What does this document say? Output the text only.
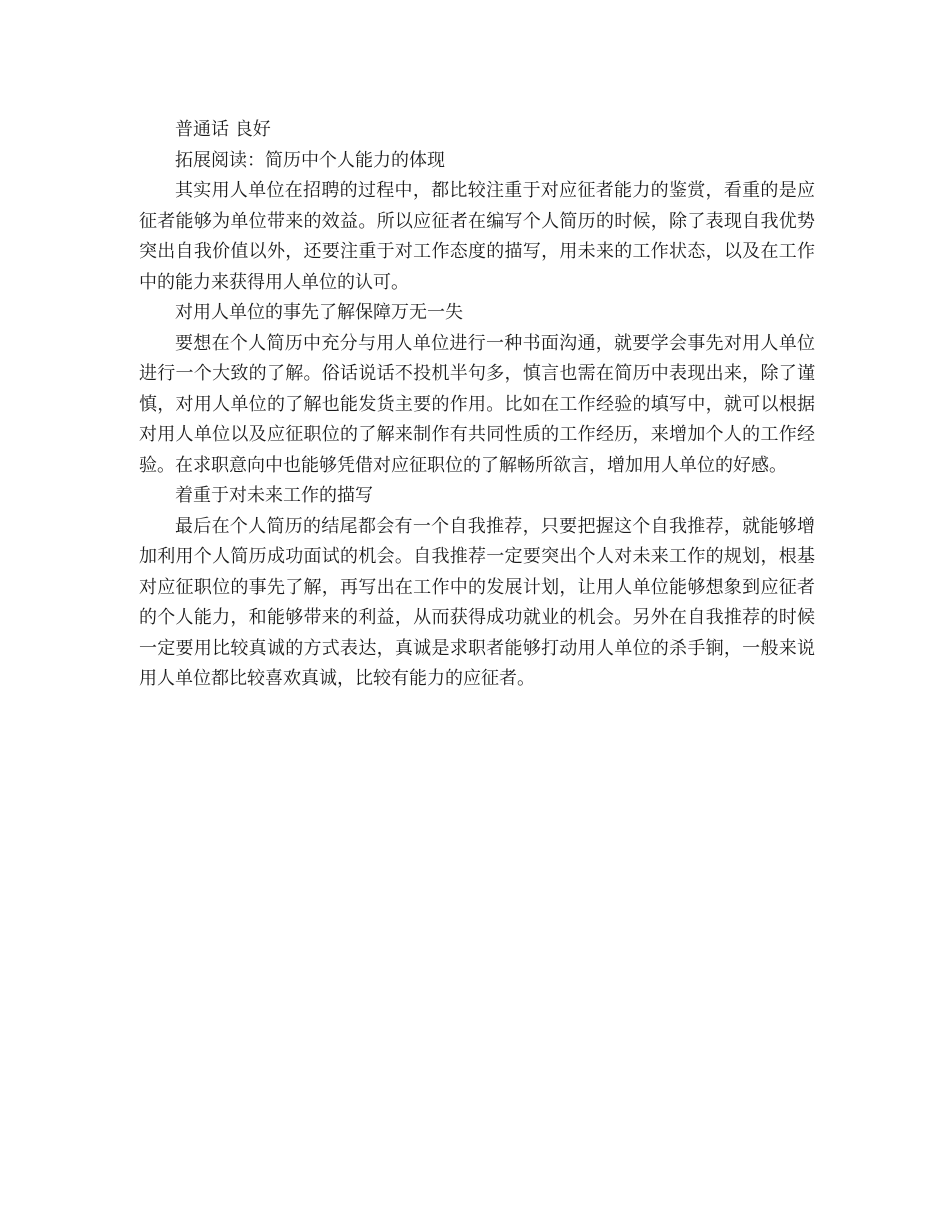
普通话 良好

拓展阅读：简历中个人能力的体现

其实用人单位在招聘的过程中，都比较注重于对应征者能力的鉴赏，看重的是应征者能够为单位带来的效益。所以应征者在编写个人简历的时候，除了表现自我优势突出自我价值以外，还要注重于对工作态度的描写，用未来的工作状态，以及在工作中的能力来获得用人单位的认可。

对用人单位的事先了解保障万无一失

要想在个人简历中充分与用人单位进行一种书面沟通，就要学会事先对用人单位进行一个大致的了解。俗话说话不投机半句多，慎言也需在简历中表现出来，除了谨慎，对用人单位的了解也能发货主要的作用。比如在工作经验的填写中，就可以根据对用人单位以及应征职位的了解来制作有共同性质的工作经历，来增加个人的工作经验。在求职意向中也能够凭借对应征职位的了解畅所欲言，增加用人单位的好感。

着重于对未来工作的描写

最后在个人简历的结尾都会有一个自我推荐，只要把握这个自我推荐，就能够增加利用个人简历成功面试的机会。自我推荐一定要突出个人对未来工作的规划，根基对应征职位的事先了解，再写出在工作中的发展计划，让用人单位能够想象到应征者的个人能力，和能够带来的利益，从而获得成功就业的机会。另外在自我推荐的时候一定要用比较真诚的方式表达，真诚是求职者能够打动用人单位的杀手锏，一般来说用人单位都比较喜欢真诚，比较有能力的应征者。
